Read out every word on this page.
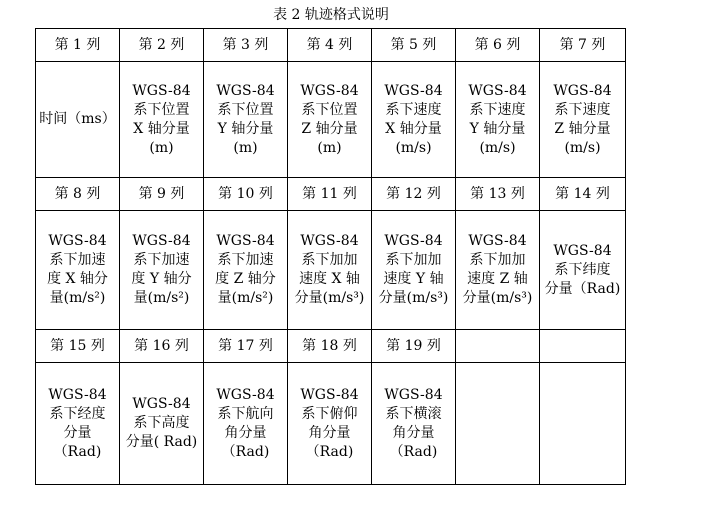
表 2 轨迹格式说明
第 1 列	第 2 列	第 3 列	第 4 列	第 5 列	第 6 列	第 7 列

时间（ms）	WGS-84
系下位置
X 轴分量
(m)	WGS-84
系下位置
Y 轴分量
(m)	WGS-84
系下位置
Z 轴分量
(m)	WGS-84
系下速度
X 轴分量
(m/s)	WGS-84
系下速度
Y 轴分量
(m/s)	WGS-84
系下速度
Z 轴分量
(m/s)

第 8 列	第 9 列	第 10 列	第 11 列	第 12 列	第 13 列	第 14 列

WGS-84
系下加速
度 X 轴分
量(m/s²)	WGS-84
系下加速
度 Y 轴分
量(m/s²)	WGS-84
系下加速
度 Z 轴分
量(m/s²)	WGS-84
系下加加
速度 X 轴
分量(m/s³)	WGS-84
系下加加
速度 Y 轴
分量(m/s³)	WGS-84
系下加加
速度 Z 轴
分量(m/s³)	WGS-84
系下纬度
分量（Rad)

第 15 列	第 16 列	第 17 列	第 18 列	第 19 列		

WGS-84
系下经度
分量
（Rad)	WGS-84
系下高度
分量( Rad)	WGS-84
系下航向
角分量
（Rad)	WGS-84
系下俯仰
角分量
（Rad)	WGS-84
系下横滚
角分量
（Rad)		
